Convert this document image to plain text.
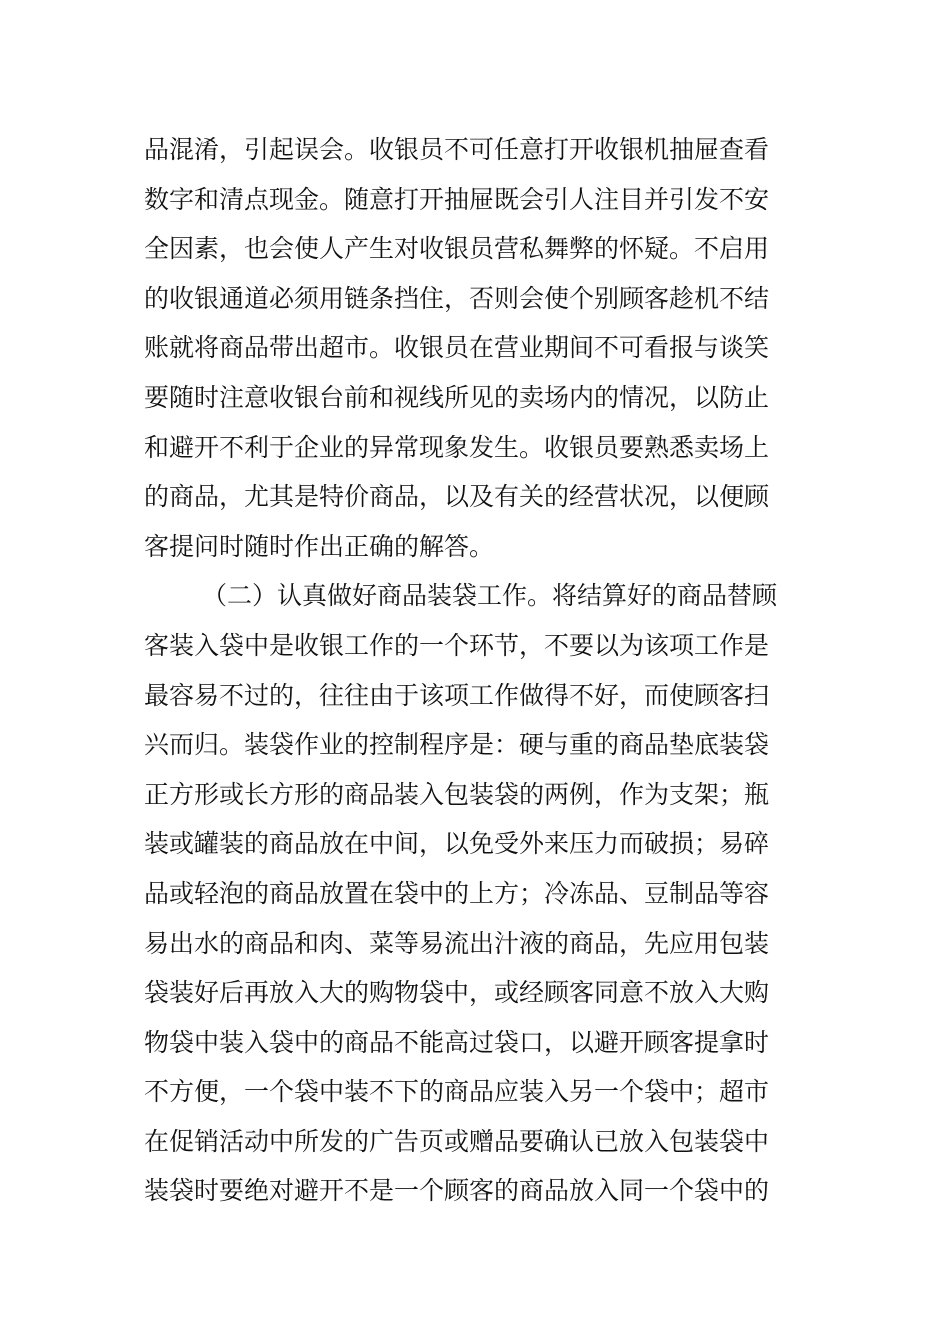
品混淆，引起误会。收银员不可任意打开收银机抽屉查看
数字和清点现金。随意打开抽屉既会引人注目并引发不安
全因素，也会使人产生对收银员营私舞弊的怀疑。不启用
的收银通道必须用链条挡住，否则会使个别顾客趁机不结
账就将商品带出超市。收银员在营业期间不可看报与谈笑
要随时注意收银台前和视线所见的卖场内的情况，以防止
和避开不利于企业的异常现象发生。收银员要熟悉卖场上
的商品，尤其是特价商品，以及有关的经营状况，以便顾
客提问时随时作出正确的解答。
（二）认真做好商品装袋工作。将结算好的商品替顾
客装入袋中是收银工作的一个环节，不要以为该项工作是
最容易不过的，往往由于该项工作做得不好，而使顾客扫
兴而归。装袋作业的控制程序是：硬与重的商品垫底装袋
正方形或长方形的商品装入包装袋的两例，作为支架；瓶
装或罐装的商品放在中间，以免受外来压力而破损；易碎
品或轻泡的商品放置在袋中的上方；冷冻品、豆制品等容
易出水的商品和肉、菜等易流出汁液的商品，先应用包装
袋装好后再放入大的购物袋中，或经顾客同意不放入大购
物袋中装入袋中的商品不能高过袋口，以避开顾客提拿时
不方便，一个袋中装不下的商品应装入另一个袋中；超市
在促销活动中所发的广告页或赠品要确认已放入包装袋中
装袋时要绝对避开不是一个顾客的商品放入同一个袋中的
